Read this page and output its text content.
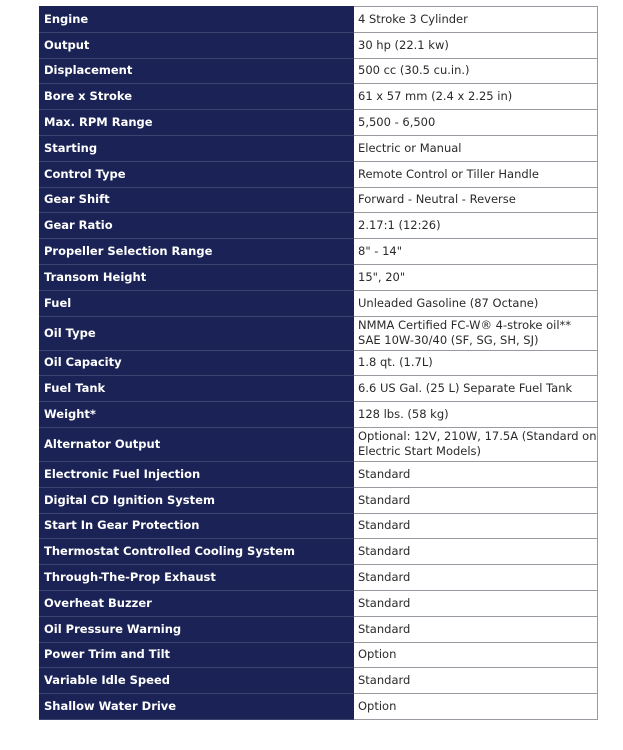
Engine	4 Stroke 3 Cylinder
Output	30 hp (22.1 kw)
Displacement	500 cc (30.5 cu.in.)
Bore x Stroke	61 x 57 mm (2.4 x 2.25 in)
Max. RPM Range	5,500 - 6,500
Starting	Electric or Manual
Control Type	Remote Control or Tiller Handle
Gear Shift	Forward - Neutral - Reverse
Gear Ratio	2.17:1 (12:26)
Propeller Selection Range	8" - 14"
Transom Height	15", 20"
Fuel	Unleaded Gasoline (87 Octane)
Oil Type	NMMA Certified FC-W® 4-stroke oil** SAE 10W-30/40 (SF, SG, SH, SJ)
Oil Capacity	1.8 qt. (1.7L)
Fuel Tank	6.6 US Gal. (25 L) Separate Fuel Tank
Weight*	128 lbs. (58 kg)
Alternator Output	Optional: 12V, 210W, 17.5A (Standard on Electric Start Models)
Electronic Fuel Injection	Standard
Digital CD Ignition System	Standard
Start In Gear Protection	Standard
Thermostat Controlled Cooling System	Standard
Through-The-Prop Exhaust	Standard
Overheat Buzzer	Standard
Oil Pressure Warning	Standard
Power Trim and Tilt	Option
Variable Idle Speed	Standard
Shallow Water Drive	Option
